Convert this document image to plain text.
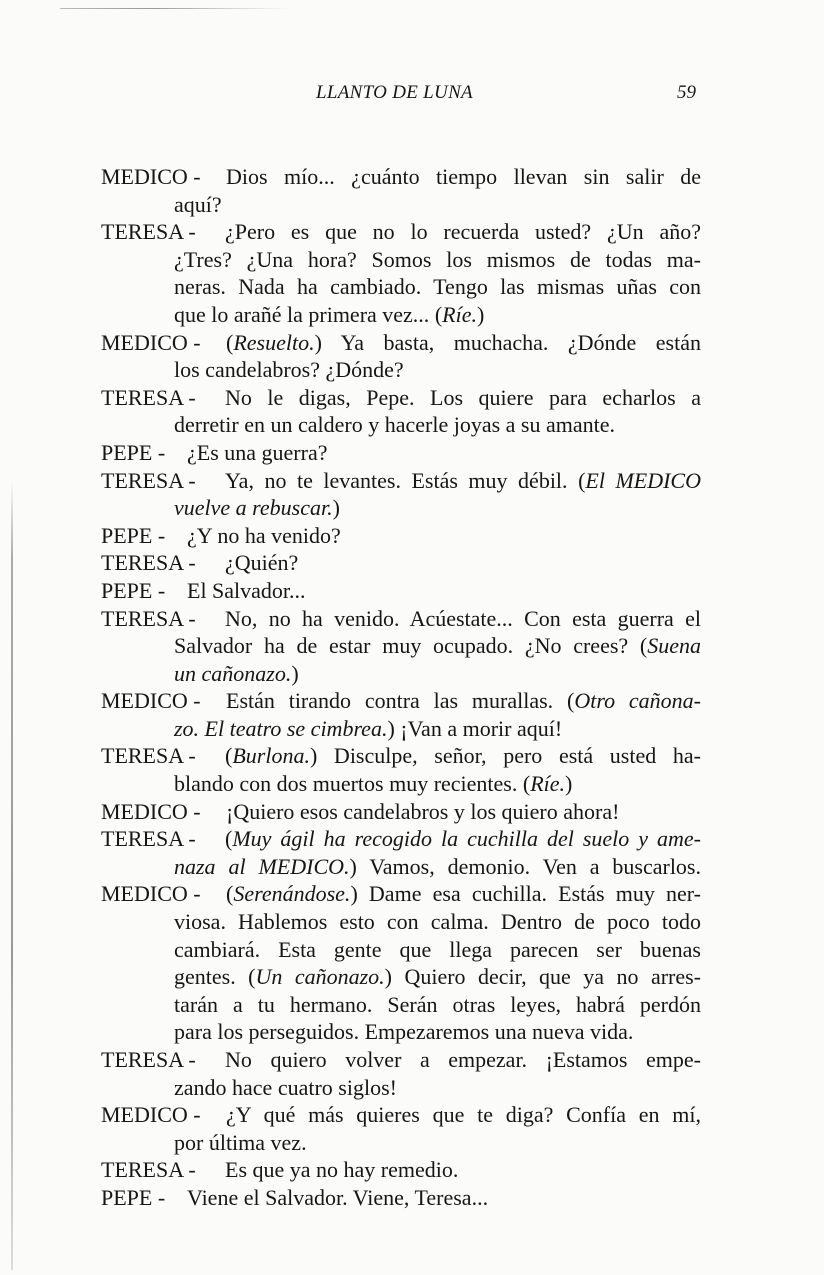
LLANTO DE LUNA	59
MEDICO - Dios mío... ¿cuánto tiempo llevan sin salir de
aquí?
TERESA -	¿Pero es que no lo recuerda usted? ¿Un año?
¿Tres? ¿Una hora? Somos los mismos de todas ma-
neras. Nada ha cambiado. Tengo las mismas uñas con
que lo arañé la primera vez... (Ríe.)
MEDICO - (Resuelto.) Ya basta, muchacha. ¿Dónde están
los candelabros? ¿Dónde?
TERESA -	No le digas, Pepe. Los quiere para echarlos a
derretir en un caldero y hacerle joyas a su amante.
PEPE - ¿Es una guerra?
TERESA -	Ya, no te levantes. Estás muy débil. (El MEDICO
vuelve a rebuscar.)
PEPE - ¿Y no ha venido?
TERESA -	¿Quién?
PEPE - El Salvador...
TERESA -	No, no ha venido. Acúestate... Con esta guerra el
Salvador ha de estar muy ocupado. ¿No crees? (Suena
un cañonazo.)
MEDICO - Están tirando contra las murallas. (Otro cañona-
zo. El teatro se cimbrea.) ¡Van a morir aquí!
TERESA -	(Burlona.) Disculpe, señor, pero está usted ha-
blando con dos muertos muy recientes. (Ríe.)
MEDICO - ¡Quiero esos candelabros y los quiero ahora!
TERESA -	(Muy ágil ha recogido la cuchilla del suelo y ame-
naza al MEDICO.) Vamos, demonio. Ven a buscarlos.
MEDICO - (Serenándose.) Dame esa cuchilla. Estás muy ner-
viosa. Hablemos esto con calma. Dentro de poco todo
cambiará. Esta gente que llega parecen ser buenas
gentes. (Un cañonazo.) Quiero decir, que ya no arres-
tarán a tu hermano. Serán otras leyes, habrá perdón
para los perseguidos. Empezaremos una nueva vida.
TERESA -	No quiero volver a empezar. ¡Estamos empe-
zando hace cuatro siglos!
MEDICO - ¿Y qué más quieres que te diga? Confía en mí,
por última vez.
TERESA -	Es que ya no hay remedio.
PEPE - Viene el Salvador. Viene, Teresa...
